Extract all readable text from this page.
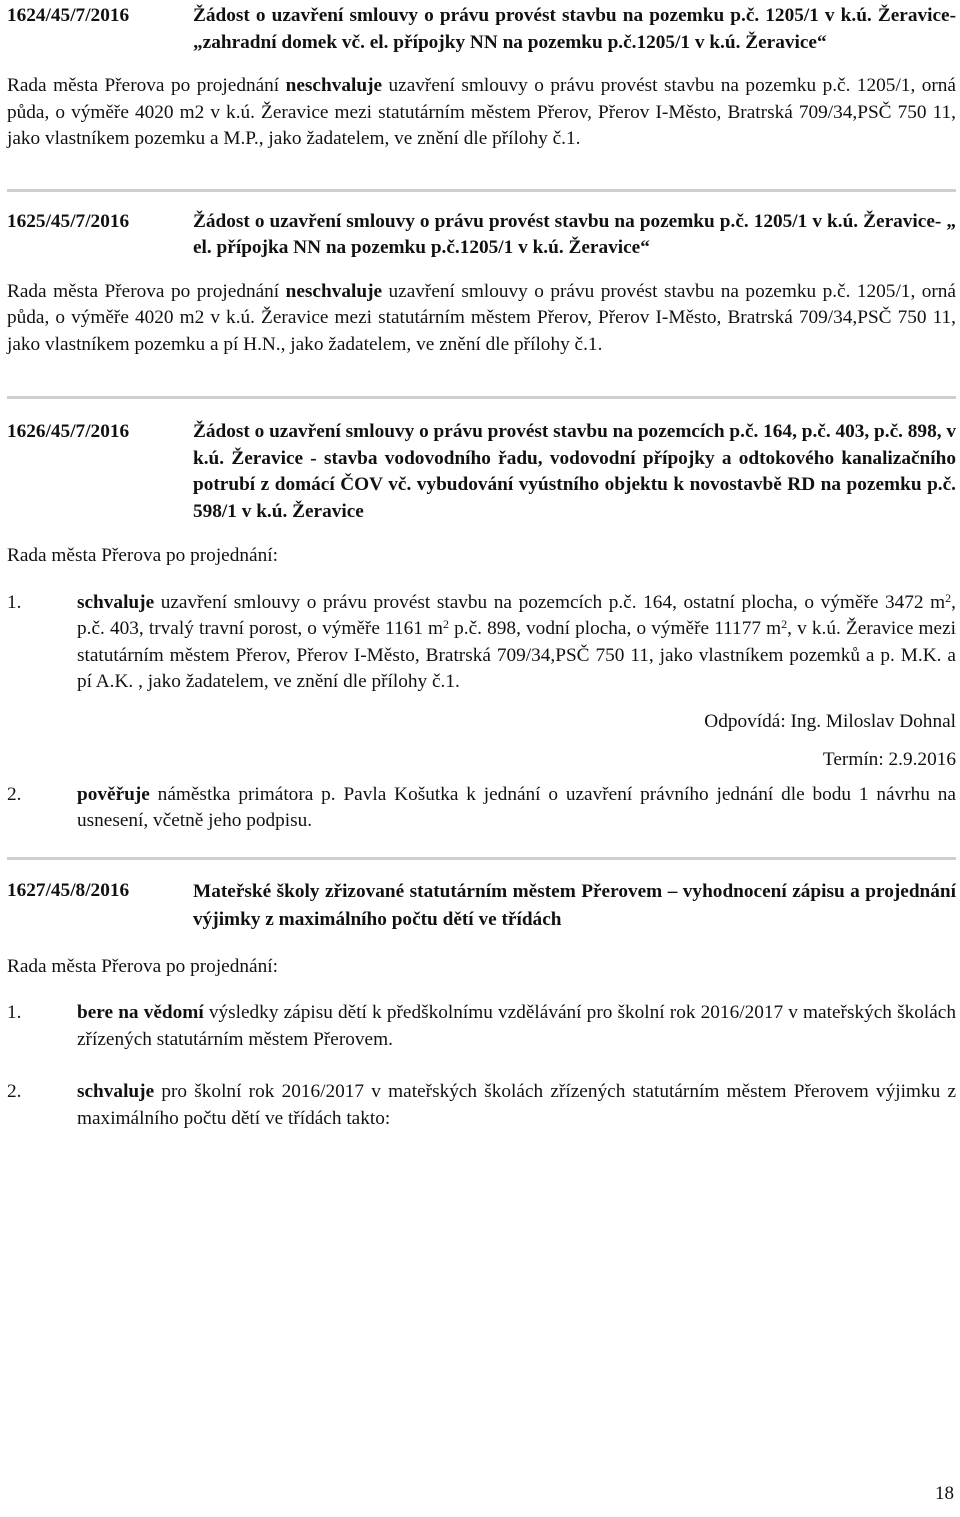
1624/45/7/2016	Žádost o uzavření smlouvy o právu provést stavbu na pozemku p.č. 1205/1 v k.ú. Žeravice- „zahradní domek vč. el. přípojky NN na pozemku p.č.1205/1 v k.ú. Žeravice“

Rada města Přerova po projednání neschvaluje uzavření smlouvy o právu provést stavbu na pozemku p.č. 1205/1, orná půda, o výměře 4020 m2 v k.ú. Žeravice mezi statutárním městem Přerov, Přerov I-Město, Bratrská 709/34,PSČ 750 11, jako vlastníkem pozemku a M.P., jako žadatelem, ve znění dle přílohy č.1.

1625/45/7/2016	Žádost o uzavření smlouvy o právu provést stavbu na pozemku p.č. 1205/1 v k.ú. Žeravice- „ el. přípojka NN na pozemku p.č.1205/1 v k.ú. Žeravice“

Rada města Přerova po projednání neschvaluje uzavření smlouvy o právu provést stavbu na pozemku p.č. 1205/1, orná půda, o výměře 4020 m2 v k.ú. Žeravice mezi statutárním městem Přerov, Přerov I-Město, Bratrská 709/34,PSČ 750 11, jako vlastníkem pozemku a pí H.N., jako žadatelem, ve znění dle přílohy č.1.

1626/45/7/2016	Žádost o uzavření smlouvy o právu provést stavbu na pozemcích p.č. 164, p.č. 403, p.č. 898, v k.ú. Žeravice - stavba vodovodního řadu, vodovodní přípojky a odtokového kanalizačního potrubí z domácí ČOV vč. vybudování vyústního objektu k novostavbě RD na pozemku p.č. 598/1 v k.ú. Žeravice

Rada města Přerova po projednání:

1.	schvaluje uzavření smlouvy o právu provést stavbu na pozemcích p.č. 164, ostatní plocha, o výměře 3472 $m^2$, p.č. 403, trvalý travní porost, o výměře 1161 $m^2$ p.č. 898, vodní plocha, o výměře 11177 $m^2$, v k.ú. Žeravice mezi statutárním městem Přerov, Přerov I-Město, Bratrská 709/34,PSČ 750 11, jako vlastníkem pozemků a p. M.K. a pí A.K. , jako žadatelem, ve znění dle přílohy č.1.
Odpovídá: Ing. Miloslav Dohnal
Termín: 2.9.2016
2.	pověřuje náměstka primátora p. Pavla Košutka k jednání o uzavření právního jednání dle bodu 1 návrhu na usnesení, včetně jeho podpisu.
1627/45/8/2016	Mateřské školy zřizované statutárním městem Přerovem – vyhodnocení zápisu a projednání výjimky z maximálního počtu dětí ve třídách

Rada města Přerova po projednání:

1.	bere na vědomí výsledky zápisu dětí k předškolnímu vzdělávání pro školní rok 2016/2017 v mateřských školách zřízených statutárním městem Přerovem.
2.	schvaluje pro školní rok 2016/2017 v mateřských školách zřízených statutárním městem Přerovem výjimku z maximálního počtu dětí ve třídách takto:
18
